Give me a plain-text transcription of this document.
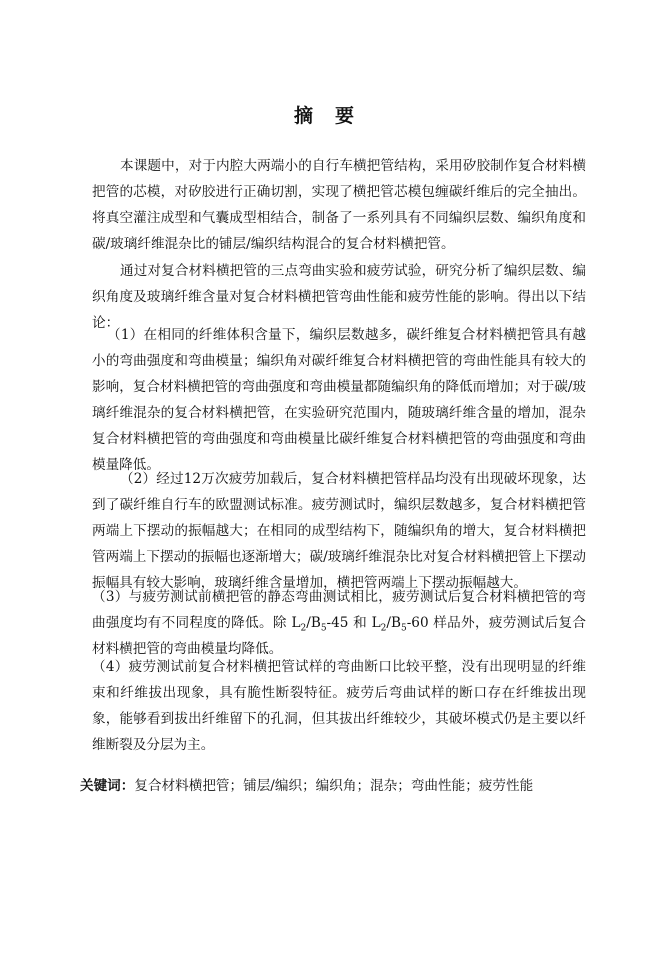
摘要

本课题中，对于内腔大两端小的自行车横把管结构，采用矽胶制作复合材料横把管的芯模，对矽胶进行正确切割，实现了横把管芯模包缠碳纤维后的完全抽出。将真空灌注成型和气囊成型相结合，制备了一系列具有不同编织层数、编织角度和碳/玻璃纤维混杂比的铺层/编织结构混合的复合材料横把管。

通过对复合材料横把管的三点弯曲实验和疲劳试验，研究分析了编织层数、编织角度及玻璃纤维含量对复合材料横把管弯曲性能和疲劳性能的影响。得出以下结论：

（1）在相同的纤维体积含量下，编织层数越多，碳纤维复合材料横把管具有越小的弯曲强度和弯曲模量；编织角对碳纤维复合材料横把管的弯曲性能具有较大的影响，复合材料横把管的弯曲强度和弯曲模量都随编织角的降低而增加；对于碳/玻璃纤维混杂的复合材料横把管，在实验研究范围内，随玻璃纤维含量的增加，混杂复合材料横把管的弯曲强度和弯曲模量比碳纤维复合材料横把管的弯曲强度和弯曲模量降低。

（2）经过12万次疲劳加载后，复合材料横把管样品均没有出现破坏现象，达到了碳纤维自行车的欧盟测试标准。疲劳测试时，编织层数越多，复合材料横把管两端上下摆动的振幅越大；在相同的成型结构下，随编织角的增大，复合材料横把管两端上下摆动的振幅也逐渐增大；碳/玻璃纤维混杂比对复合材料横把管上下摆动振幅具有较大影响，玻璃纤维含量增加，横把管两端上下摆动振幅越大。

（3）与疲劳测试前横把管的静态弯曲测试相比，疲劳测试后复合材料横把管的弯曲强度均有不同程度的降低。除 $L_2/B_5-45$ 和 $L_2/B_5-60$ 样品外，疲劳测试后复合材料横把管的弯曲模量均降低。

（4）疲劳测试前复合材料横把管试样的弯曲断口比较平整，没有出现明显的纤维束和纤维拔出现象，具有脆性断裂特征。疲劳后弯曲试样的断口存在纤维拔出现象，能够看到拔出纤维留下的孔洞，但其拔出纤维较少，其破坏模式仍是主要以纤维断裂及分层为主。

关键词：复合材料横把管；铺层/编织；编织角；混杂；弯曲性能；疲劳性能
